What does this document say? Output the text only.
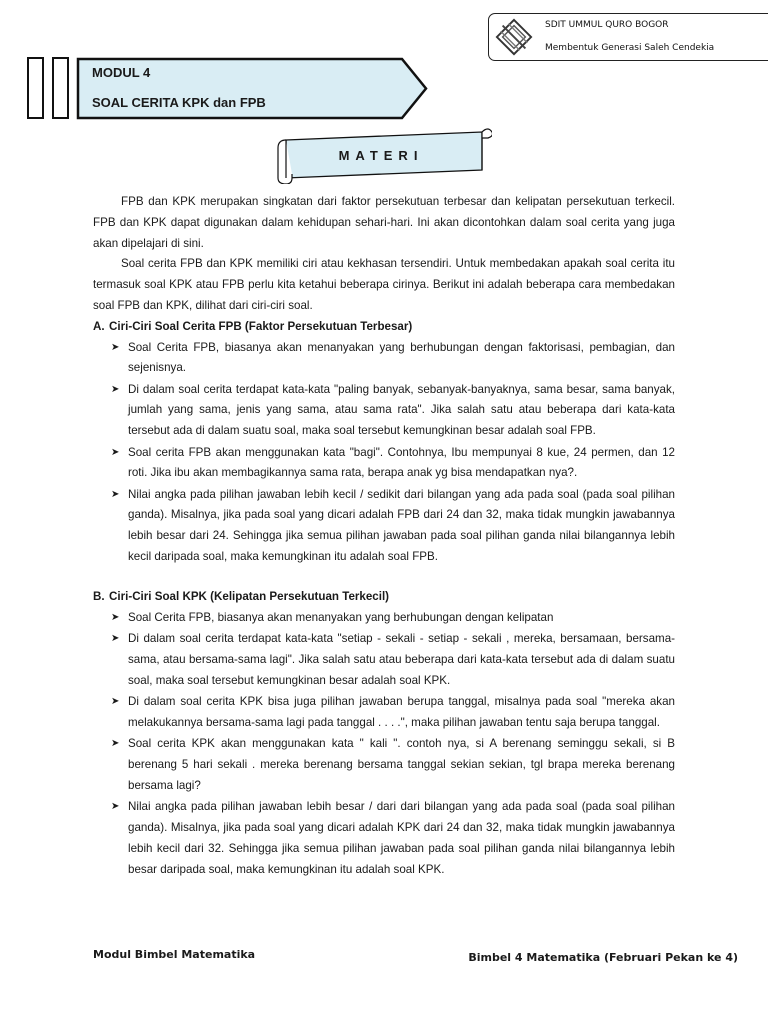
SDIT UMMUL QURO BOGOR
Membentuk Generasi Saleh Cendekia
MODUL 4
SOAL CERITA KPK dan FPB
MATERI

FPB dan KPK merupakan singkatan dari faktor persekutuan terbesar dan kelipatan persekutuan terkecil. FPB dan KPK dapat digunakan dalam kehidupan sehari-hari. Ini akan dicontohkan dalam soal cerita yang juga akan dipelajari di sini.

Soal cerita FPB dan KPK memiliki ciri atau kekhasan tersendiri. Untuk membedakan apakah soal cerita itu termasuk soal KPK atau FPB perlu kita ketahui beberapa cirinya. Berikut ini adalah beberapa cara membedakan soal FPB dan KPK, dilihat dari ciri-ciri soal.

A. Ciri-Ciri Soal Cerita FPB (Faktor Persekutuan Terbesar)

➤ Soal Cerita FPB, biasanya akan menanyakan yang berhubungan dengan faktorisasi, pembagian, dan sejenisnya.
➤ Di dalam soal cerita terdapat kata-kata "paling banyak, sebanyak-banyaknya, sama besar, sama banyak, jumlah yang sama, jenis yang sama, atau sama rata". Jika salah satu atau beberapa dari kata-kata tersebut ada di dalam suatu soal, maka soal tersebut kemungkinan besar adalah soal FPB.
➤ Soal cerita FPB akan menggunakan kata "bagi". Contohnya, Ibu mempunyai 8 kue, 24 permen, dan 12 roti. Jika ibu akan membagikannya sama rata, berapa anak yg bisa mendapatkan nya?.
➤ Nilai angka pada pilihan jawaban lebih kecil / sedikit dari bilangan yang ada pada soal (pada soal pilihan ganda). Misalnya, jika pada soal yang dicari adalah FPB dari 24 dan 32, maka tidak mungkin jawabannya lebih besar dari 24. Sehingga jika semua pilihan jawaban pada soal pilihan ganda nilai bilangannya lebih kecil daripada soal, maka kemungkinan itu adalah soal FPB.

B. Ciri-Ciri Soal KPK (Kelipatan Persekutuan Terkecil)

➤ Soal Cerita FPB, biasanya akan menanyakan yang berhubungan dengan kelipatan
➤ Di dalam soal cerita terdapat kata-kata "setiap - sekali - setiap - sekali , mereka, bersamaan, bersama-sama, atau bersama-sama lagi". Jika salah satu atau beberapa dari kata-kata tersebut ada di dalam suatu soal, maka soal tersebut kemungkinan besar adalah soal KPK.
➤ Di dalam soal cerita KPK bisa juga pilihan jawaban berupa tanggal, misalnya pada soal "mereka akan melakukannya bersama-sama lagi pada tanggal . . . .", maka pilihan jawaban tentu saja berupa tanggal.
➤ Soal cerita KPK akan menggunakan kata " kali ". contoh nya, si A berenang seminggu sekali, si B berenang 5 hari sekali . mereka berenang bersama tanggal sekian sekian, tgl brapa mereka berenang bersama lagi?
➤ Nilai angka pada pilihan jawaban lebih besar / dari dari bilangan yang ada pada soal (pada soal pilihan ganda). Misalnya, jika pada soal yang dicari adalah KPK dari 24 dan 32, maka tidak mungkin jawabannya lebih kecil dari 32. Sehingga jika semua pilihan jawaban pada soal pilihan ganda nilai bilangannya lebih besar daripada soal, maka kemungkinan itu adalah soal KPK.
Modul Bimbel Matematika	Bimbel 4 Matematika (Februari Pekan ke 4)
